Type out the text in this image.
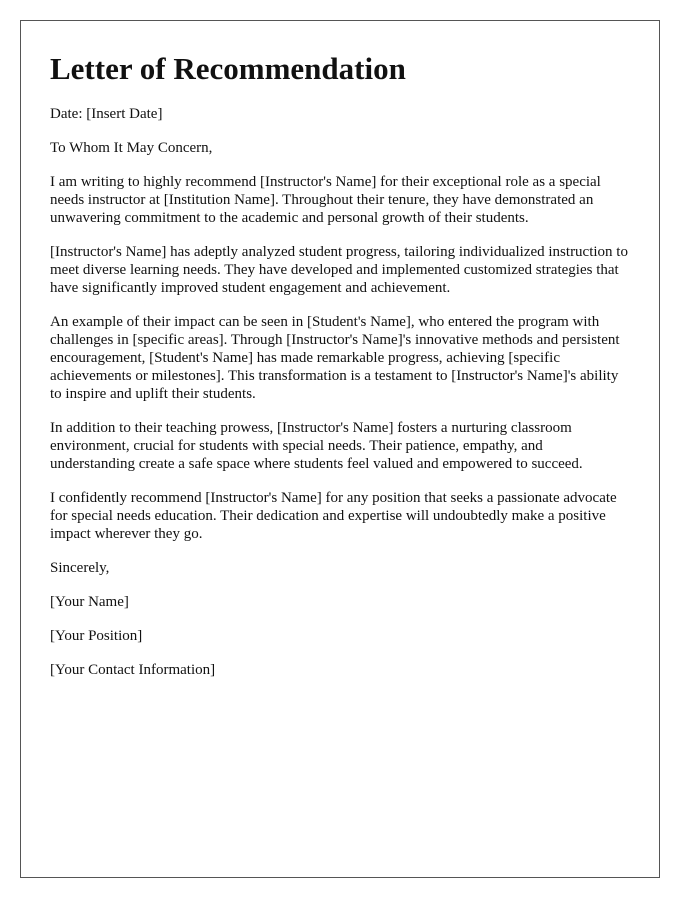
Letter of Recommendation

Date: [Insert Date]

To Whom It May Concern,

I am writing to highly recommend [Instructor's Name] for their exceptional role as a special needs instructor at [Institution Name]. Throughout their tenure, they have demonstrated an unwavering commitment to the academic and personal growth of their students.

[Instructor's Name] has adeptly analyzed student progress, tailoring individualized instruction to meet diverse learning needs. They have developed and implemented customized strategies that have significantly improved student engagement and achievement.

An example of their impact can be seen in [Student's Name], who entered the program with challenges in [specific areas]. Through [Instructor's Name]'s innovative methods and persistent encouragement, [Student's Name] has made remarkable progress, achieving [specific achievements or milestones]. This transformation is a testament to [Instructor's Name]'s ability to inspire and uplift their students.

In addition to their teaching prowess, [Instructor's Name] fosters a nurturing classroom environment, crucial for students with special needs. Their patience, empathy, and understanding create a safe space where students feel valued and empowered to succeed.

I confidently recommend [Instructor's Name] for any position that seeks a passionate advocate for special needs education. Their dedication and expertise will undoubtedly make a positive impact wherever they go.

Sincerely,

[Your Name]

[Your Position]

[Your Contact Information]
